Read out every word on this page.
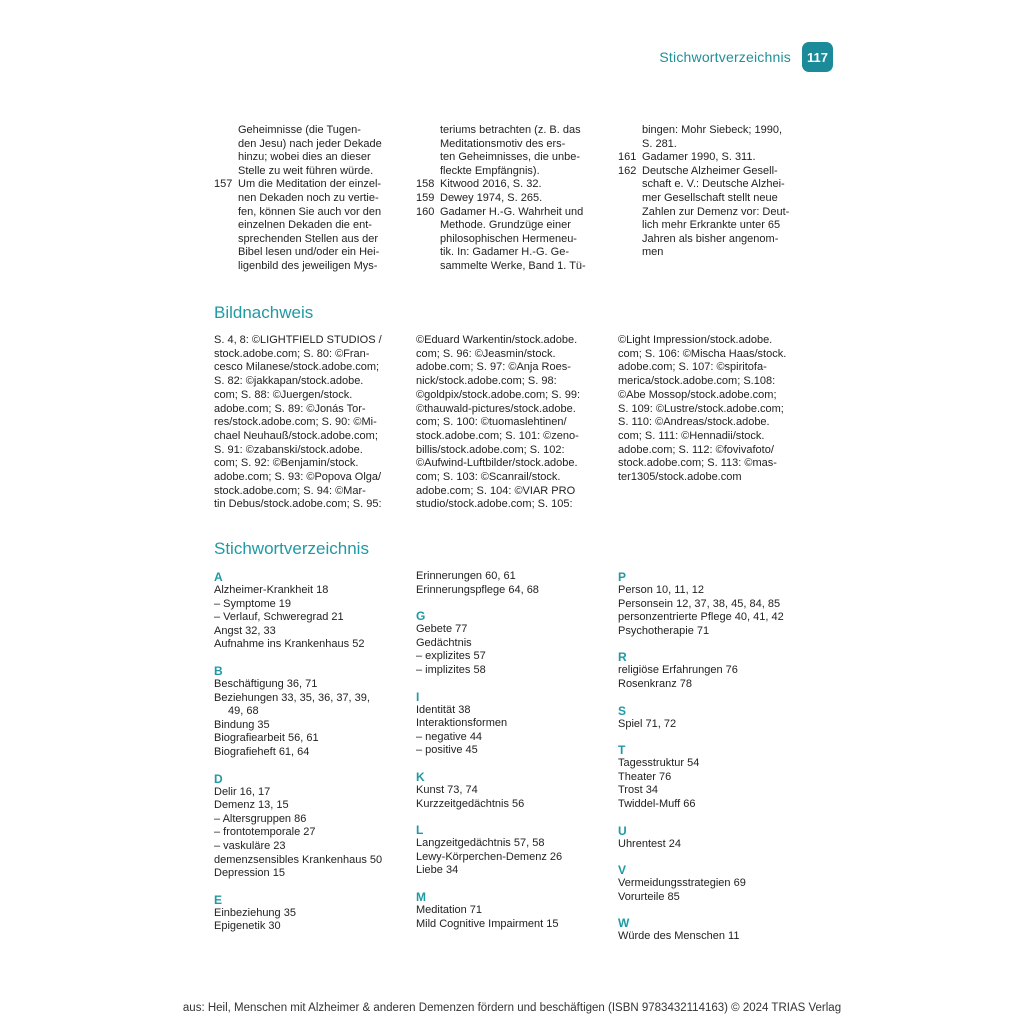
Stichwortverzeichnis	117
Geheimnisse (die Tugen-
den Jesu) nach jeder Dekade
hinzu; wobei dies an dieser
Stelle zu weit führen würde.
157 Um die Meditation der einzel-
nen Dekaden noch zu vertie-
fen, können Sie auch vor den
einzelnen Dekaden die ent-
sprechenden Stellen aus der
Bibel lesen und/oder ein Hei-
ligenbild des jeweiligen Mys-
teriums betrachten (z. B. das
Meditationsmotiv des ers-
ten Geheimnisses, die unbe-
fleckte Empfängnis).
158 Kitwood 2016, S. 32.
159 Dewey 1974, S. 265.
160 Gadamer H.-G. Wahrheit und
Methode. Grundzüge einer
philosophischen Hermeneu-
tik. In: Gadamer H.-G. Ge-
sammelte Werke, Band 1. Tü-
bingen: Mohr Siebeck; 1990,
S. 281.
161 Gadamer 1990, S. 311.
162 Deutsche Alzheimer Gesell-
schaft e. V.: Deutsche Alzhei-
mer Gesellschaft stellt neue
Zahlen zur Demenz vor: Deut-
lich mehr Erkrankte unter 65
Jahren als bisher angenom-
men
Bildnachweis
S. 4, 8: ©LIGHTFIELD STUDIOS /
stock.adobe.com; S. 80: ©Fran-
cesco Milanese/stock.adobe.com;
S. 82: ©jakkapan/stock.adobe.
com; S. 88: ©Juergen/stock.
adobe.com; S. 89: ©Jonás Tor-
res/stock.adobe.com; S. 90: ©Mi-
chael Neuhauß/stock.adobe.com;
S. 91: ©zabanski/stock.adobe.
com; S. 92: ©Benjamin/stock.
adobe.com; S. 93: ©Popova Olga/
stock.adobe.com; S. 94: ©Mar-
tin Debus/stock.adobe.com; S. 95:
©Eduard Warkentin/stock.adobe.
com; S. 96: ©Jeasmin/stock.
adobe.com; S. 97: ©Anja Roes-
nick/stock.adobe.com; S. 98:
©goldpix/stock.adobe.com; S. 99:
©thauwald-pictures/stock.adobe.
com; S. 100: ©tuomaslehtinen/
stock.adobe.com; S. 101: ©zeno-
billis/stock.adobe.com; S. 102:
©Aufwind-Luftbilder/stock.adobe.
com; S. 103: ©Scanrail/stock.
adobe.com; S. 104: ©VIAR PRO
studio/stock.adobe.com; S. 105:
©Light Impression/stock.adobe.
com; S. 106: ©Mischa Haas/stock.
adobe.com; S. 107: ©spiritofa-
merica/stock.adobe.com; S.108:
©Abe Mossop/stock.adobe.com;
S. 109: ©Lustre/stock.adobe.com;
S. 110: ©Andreas/stock.adobe.
com; S. 111: ©Hennadii/stock.
adobe.com; S. 112: ©fovivafoto/
stock.adobe.com; S. 113: ©mas-
ter1305/stock.adobe.com
Stichwortverzeichnis
A
Alzheimer-Krankheit 18
– Symptome 19
– Verlauf, Schweregrad 21
Angst 32, 33
Aufnahme ins Krankenhaus 52
B
Beschäftigung 36, 71
Beziehungen 33, 35, 36, 37, 39,
49, 68
Bindung 35
Biografiearbeit 56, 61
Biografieheft 61, 64
D
Delir 16, 17
Demenz 13, 15
– Altersgruppen 86
– frontotemporale 27
– vaskuläre 23
demenzsensibles Krankenhaus 50
Depression 15
E
Einbeziehung 35
Epigenetik 30
Erinnerungen 60, 61
Erinnerungspflege 64, 68
G
Gebete 77
Gedächtnis
– explizites 57
– implizites 58
I
Identität 38
Interaktionsformen
– negative 44
– positive 45
K
Kunst 73, 74
Kurzzeitgedächtnis 56
L
Langzeitgedächtnis 57, 58
Lewy-Körperchen-Demenz 26
Liebe 34
M
Meditation 71
Mild Cognitive Impairment 15
P
Person 10, 11, 12
Personsein 12, 37, 38, 45, 84, 85
personzentrierte Pflege 40, 41, 42
Psychotherapie 71
R
religiöse Erfahrungen 76
Rosenkranz 78
S
Spiel 71, 72
T
Tagesstruktur 54
Theater 76
Trost 34
Twiddel-Muff 66
U
Uhrentest 24
V
Vermeidungsstrategien 69
Vorurteile 85
W
Würde des Menschen 11
aus: Heil, Menschen mit Alzheimer & anderen Demenzen fördern und beschäftigen (ISBN 9783432114163) © 2024 TRIAS Verlag
